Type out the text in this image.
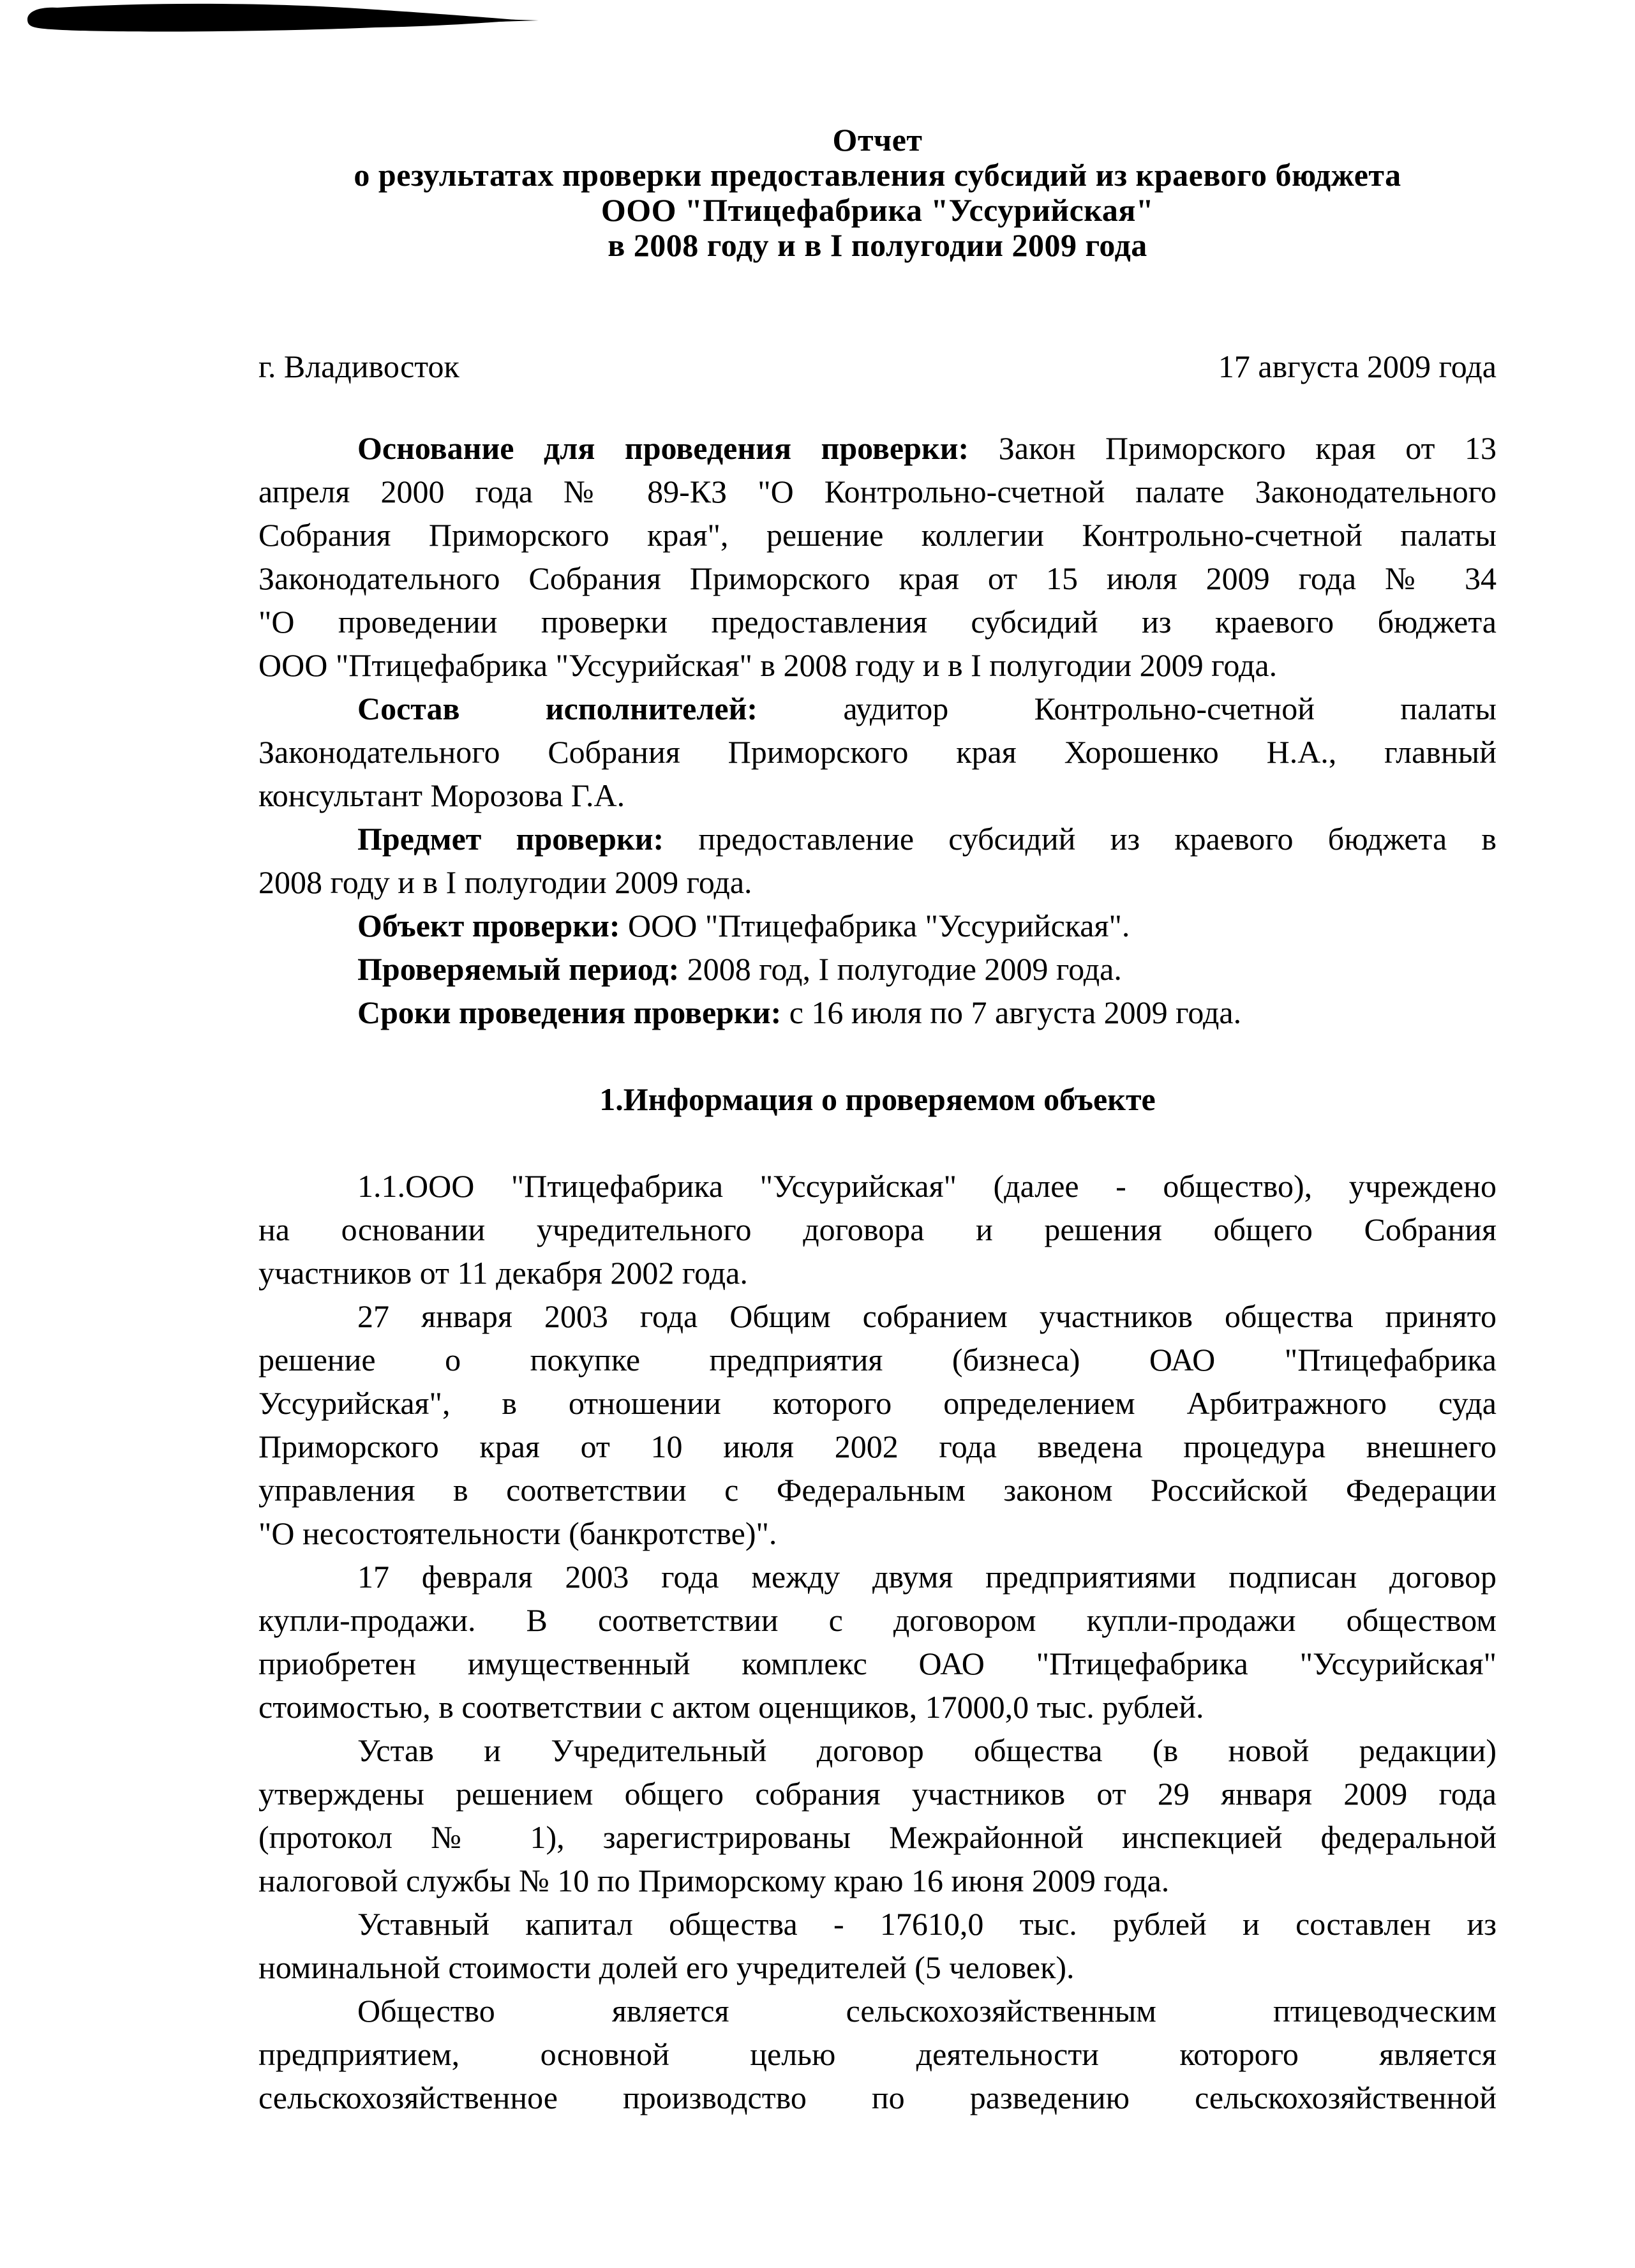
Отчет
о результатах проверки предоставления субсидий из краевого бюджета
ООО "Птицефабрика "Уссурийская"
в 2008 году и в I полугодии 2009 года
г. Владивосток	17 августа 2009 года
Основание для проведения проверки: Закон Приморского края от 13
апреля 2000 года № 89-КЗ "О Контрольно-счетной палате Законодательного
Собрания Приморского края", решение коллегии Контрольно-счетной палаты
Законодательного Собрания Приморского края от 15 июля 2009 года № 34
"О проведении проверки предоставления субсидий из краевого бюджета
ООО "Птицефабрика "Уссурийская" в 2008 году и в I полугодии 2009 года.
Состав исполнителей:	аудитор Контрольно-счетной палаты
Законодательного Собрания Приморского края Хорошенко Н.А., главный
консультант Морозова Г.А.
Предмет проверки: предоставление субсидий из краевого бюджета в
2008 году и в I полугодии 2009 года.
Объект проверки: ООО "Птицефабрика "Уссурийская".
Проверяемый период: 2008 год, I полугодие 2009 года.
Сроки проведения проверки: с 16 июля по 7 августа 2009 года.
1.Информация о проверяемом объекте
1.1.ООО "Птицефабрика "Уссурийская" (далее - общество), учреждено
на основании учредительного договора и решения общего Собрания
участников от 11 декабря 2002 года.
27 января 2003 года Общим собранием участников общества принято
решение о покупке предприятия (бизнеса) ОАО "Птицефабрика
Уссурийская", в отношении которого определением Арбитражного суда
Приморского края от 10 июля 2002 года введена процедура внешнего
управления в соответствии с Федеральным законом Российской Федерации
"О несостоятельности (банкротстве)".
17 февраля 2003 года между двумя предприятиями подписан договор
купли-продажи. В соответствии с договором купли-продажи обществом
приобретен имущественный комплекс ОАО "Птицефабрика "Уссурийская"
стоимостью, в соответствии с актом оценщиков, 17000,0 тыс. рублей.
Устав и Учредительный договор общества (в новой редакции)
утверждены решением общего собрания участников от 29 января 2009 года
(протокол № 1), зарегистрированы Межрайонной инспекцией федеральной
налоговой службы № 10 по Приморскому краю 16 июня 2009 года.
Уставный капитал общества - 17610,0 тыс. рублей и составлен из
номинальной стоимости долей его учредителей (5 человек).
Общество является сельскохозяйственным птицеводческим
предприятием, основной целью деятельности которого является
сельскохозяйственное производство по разведению сельскохозяйственной
